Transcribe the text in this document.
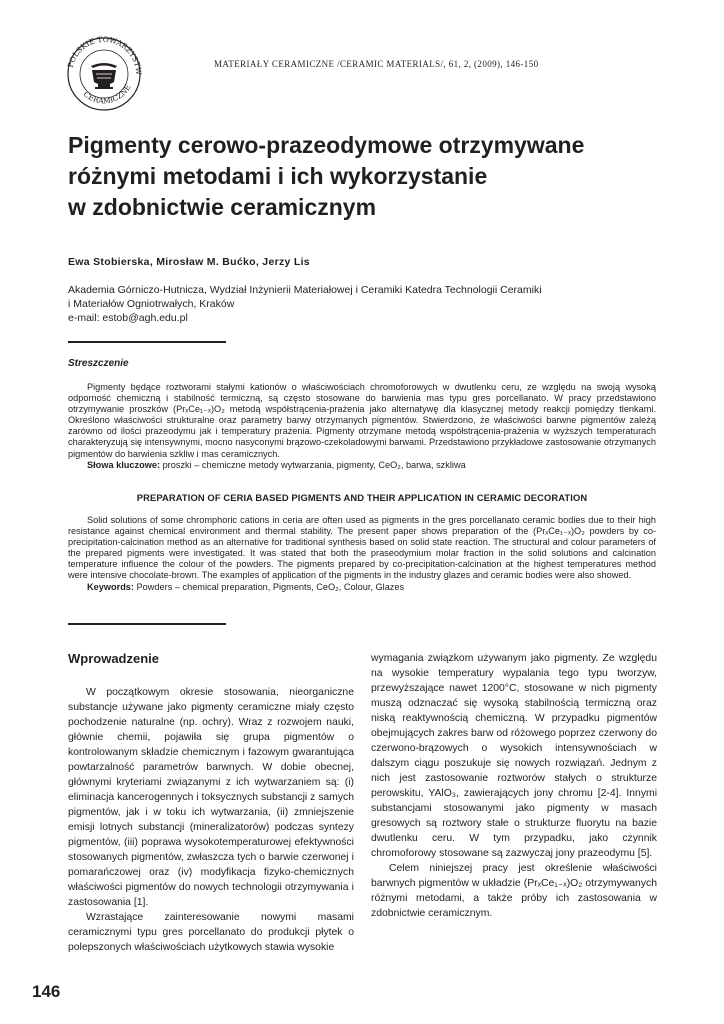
POLSKIE TOWARZYSTW
CERAMICZNE
MATERIAŁY CERAMICZNE /CERAMIC MATERIALS/, 61, 2, (2009), 146-150
Pigmenty cerowo-prazeodymowe otrzymywane
różnymi metodami i ich wykorzystanie
w zdobnictwie ceramicznym
Ewa Stobierska, Mirosław M. Bućko, Jerzy Lis
Akademia Górniczo-Hutnicza, Wydział Inżynierii Materiałowej i Ceramiki Katedra Technologii Ceramiki
i Materiałów Ogniotrwałych, Kraków
e-mail: estob@agh.edu.pl
Streszczenie

Pigmenty będące roztworami stałymi kationów o właściwościach chromoforowych w dwutlenku ceru, ze względu na swoją wysoką odporność chemiczną i stabilność termiczną, są często stosowane do barwienia mas typu gres porcellanato. W pracy przedstawiono otrzymywanie proszków (PrₓCe₁₋ₓ)O₂ metodą współstrącenia-prażenia jako alternatywę dla klasycznej metody reakcji pomiędzy tlenkami. Określono właściwości strukturalne oraz parametry barwy otrzymanych pigmentów. Stwierdzono, że właściwości barwne pigmentów zależą zarówno od ilości prazeodymu jak i temperatury prażenia. Pigmenty otrzymane metodą współstrącenia-prażenia w wyższych temperaturach charakteryzują się intensywnymi, mocno nasyconymi brązowo-czekoladowymi barwami. Przedstawiono przykładowe zastosowanie otrzymanych pigmentów do barwienia szkliw i mas ceramicznych.

Słowa kluczowe: proszki – chemiczne metody wytwarzania, pigmenty, CeO₂, barwa, szkliwa

PREPARATION OF CERIA BASED PIGMENTS AND THEIR APPLICATION IN CERAMIC DECORATION

Solid solutions of some chromphoric cations in ceria are often used as pigments in the gres porcellanato ceramic bodies due to their high resistance against chemical environment and thermal stability. The present paper shows preparation of the (PrₓCe₁₋ₓ)O₂ powders by co-precipitation-calcination method as an alternative for traditional synthesis based on solid state reaction. The structural and colour parameters of the prepared pigments were investigated. It was stated that both the praseodymium molar fraction in the solid solutions and calcination temperature influence the colour of the powders. The pigments prepared by co-precipitation-calcination at the highest temperatures method were intensive chocolate-brown. The examples of application of the pigments in the industry glazes and ceramic bodies were also showed.

Keywords: Powders – chemical preparation, Pigments, CeO₂, Colour, Glazes

Wprowadzenie

W początkowym okresie stosowania, nieorganiczne substancje używane jako pigmenty ceramiczne miały często pochodzenie naturalne (np. ochry). Wraz z rozwojem nauki, głównie chemii, pojawiła się grupa pigmentów o kontrolowanym składzie chemicznym i fazowym gwarantująca powtarzalność parametrów barwnych. W dobie obecnej, głównymi kryteriami związanymi z ich wytwarzaniem są: (i) eliminacja kancerogennych i toksycznych substancji z samych pigmentów, jak i w toku ich wytwarzania, (ii) zmniejszenie emisji lotnych substancji (mineralizatorów) podczas syntezy pigmentów, (iii) poprawa wysokotemperaturowej efektywności stosowanych pigmentów, zwłaszcza tych o barwie czerwonej i pomarańczowej oraz (iv) modyfikacja fizyko-chemicznych właściwości pigmentów do nowych technologii otrzymywania i zastosowania [1].

Wzrastające zainteresowanie nowymi masami ceramicznymi typu gres porcellanato do produkcji płytek o polepszonych właściwościach użytkowych stawia wysokie

wymagania związkom używanym jako pigmenty. Ze względu na wysokie temperatury wypalania tego typu tworzyw, przewyższające nawet 1200°C, stosowane w nich pigmenty muszą odznaczać się wysoką stabilnością termiczną oraz niską reaktywnością chemiczną. W przypadku pigmentów obejmujących zakres barw od różowego poprzez czerwony do czerwono-brązowych o wysokich intensywnościach w dalszym ciągu poszukuje się nowych rozwiązań. Jednym z nich jest zastosowanie roztworów stałych o strukturze perowskitu, YAlO₃, zawierających jony chromu [2-4]. Innymi substancjami stosowanymi jako pigmenty w masach gresowych są roztwory stałe o strukturze fluorytu na bazie dwutlenku ceru. W tym przypadku, jako czynnik chromoforowy stosowane są zazwyczaj jony prazeodymu [5].

Celem niniejszej pracy jest określenie właściwości barwnych pigmentów w układzie (PrₓCe₁₋ₓ)O₂ otrzymywanych różnymi metodami, a także próby ich zastosowania w zdobnictwie ceramicznym.

146
